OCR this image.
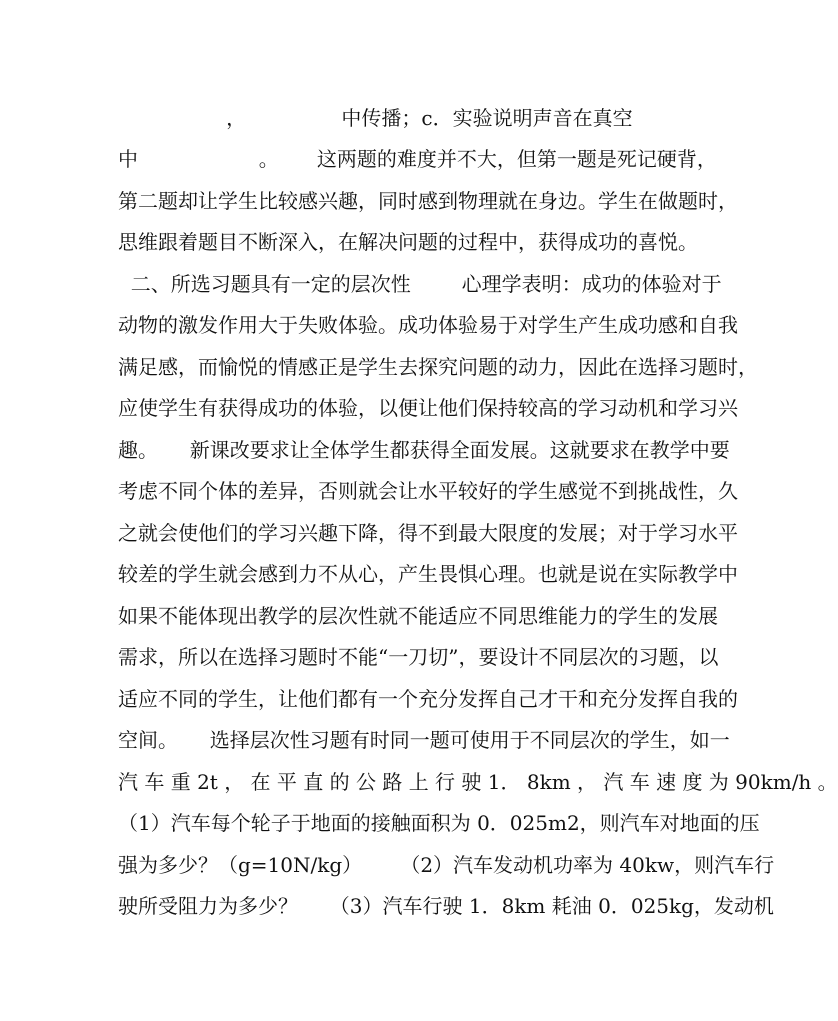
，               中传播；c．实验说明声音在真空
中                   。      这两题的难度并不大，但第一题是死记硬背，
第二题却让学生比较感兴趣，同时感到物理就在身边。学生在做题时，
思维跟着题目不断深入，在解决问题的过程中，获得成功的喜悦。
二、所选习题具有一定的层次性        心理学表明：成功的体验对于
动物的激发作用大于失败体验。成功体验易于对学生产生成功感和自我
满足感，而愉悦的情感正是学生去探究问题的动力，因此在选择习题时，
应使学生有获得成功的体验，以便让他们保持较高的学习动机和学习兴
趣。     新课改要求让全体学生都获得全面发展。这就要求在教学中要
考虑不同个体的差异，否则就会让水平较好的学生感觉不到挑战性，久
之就会使他们的学习兴趣下降，得不到最大限度的发展；对于学习水平
较差的学生就会感到力不从心，产生畏惧心理。也就是说在实际教学中
如果不能体现出教学的层次性就不能适应不同思维能力的学生的发展
需求，所以在选择习题时不能“一刀切”，要设计不同层次的习题，以
适应不同的学生，让他们都有一个充分发挥自己才干和充分发挥自我的
空间。     选择层次性习题有时同一题可使用于不同层次的学生，如一
汽 车 重 2t ， 在 平 直 的 公 路 上 行 驶 1． 8km ， 汽 车 速 度 为 90km/h 。
（1）汽车每个轮子于地面的接触面积为 0．025m2，则汽车对地面的压
强为多少？（g=10N/kg）      （2）汽车发动机功率为 40kw，则汽车行
驶所受阻力为多少？     （3）汽车行驶 1．8km 耗油 0．025kg，发动机
